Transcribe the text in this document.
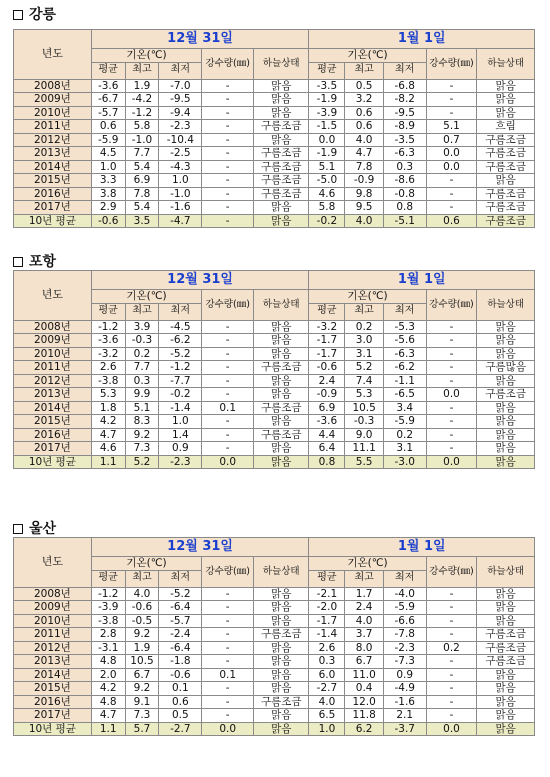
강릉
년도	12월 31일					1월 1일				
	기온(℃)			강수량(㎜)	하늘상태	기온(℃)			강수량(㎜)	하늘상태
	평균	최고	최저			평균	최고	최저		
2008년	-3.6	1.9	-7.0	-	맑음	-3.5	0.5	-6.8	-	맑음
2009년	-6.7	-4.2	-9.5	-	맑음	-1.9	3.2	-8.2	-	맑음
2010년	-5.7	-1.2	-9.4	-	맑음	-3.9	0.6	-9.5	-	맑음
2011년	0.6	5.8	-2.3	-	구름조금	-1.5	0.6	-8.9	5.1	흐림
2012년	-5.9	-1.0	-10.4	-	맑음	0.0	4.0	-3.5	0.7	구름조금
2013년	4.5	7.7	-2.5	-	구름조금	-1.9	4.7	-6.3	0.0	구름조금
2014년	1.0	5.4	-4.3	-	구름조금	5.1	7.8	0.3	0.0	구름조금
2015년	3.3	6.9	1.0	-	구름조금	-5.0	-0.9	-8.6	-	맑음
2016년	3.8	7.8	-1.0	-	구름조금	4.6	9.8	-0.8	-	구름조금
2017년	2.9	5.4	-1.6	-	맑음	5.8	9.5	0.8	-	구름조금
10년 평균	-0.6	3.5	-4.7	-	맑음	-0.2	4.0	-5.1	0.6	구름조금
포항
년도	12월 31일					1월 1일				
	기온(℃)			강수량(㎜)	하늘상태	기온(℃)			강수량(㎜)	하늘상태
	평균	최고	최저			평균	최고	최저		
2008년	-1.2	3.9	-4.5	-	맑음	-3.2	0.2	-5.3	-	맑음
2009년	-3.6	-0.3	-6.2	-	맑음	-1.7	3.0	-5.6	-	맑음
2010년	-3.2	0.2	-5.2	-	맑음	-1.7	3.1	-6.3	-	맑음
2011년	2.6	7.7	-1.2	-	구름조금	-0.6	5.2	-6.2	-	구름많음
2012년	-3.8	0.3	-7.7	-	맑음	2.4	7.4	-1.1	-	맑음
2013년	5.3	9.9	-0.2	-	맑음	-0.9	5.3	-6.5	0.0	구름조금
2014년	1.8	5.1	-1.4	0.1	구름조금	6.9	10.5	3.4	-	맑음
2015년	4.2	8.3	1.0	-	맑음	-3.6	-0.3	-5.9	-	맑음
2016년	4.7	9.2	1.4	-	구름조금	4.4	9.0	0.2	-	맑음
2017년	4.6	7.3	0.9	-	맑음	6.4	11.1	3.1	-	맑음
10년 평균	1.1	5.2	-2.3	0.0	맑음	0.8	5.5	-3.0	0.0	맑음
울산
년도	12월 31일					1월 1일				
	기온(℃)			강수량(㎜)	하늘상태	기온(℃)			강수량(㎜)	하늘상태
	평균	최고	최저			평균	최고	최저		
2008년	-1.2	4.0	-5.2	-	맑음	-2.1	1.7	-4.0	-	맑음
2009년	-3.9	-0.6	-6.4	-	맑음	-2.0	2.4	-5.9	-	맑음
2010년	-3.8	-0.5	-5.7	-	맑음	-1.7	4.0	-6.6	-	맑음
2011년	2.8	9.2	-2.4	-	구름조금	-1.4	3.7	-7.8	-	구름조금
2012년	-3.1	1.9	-6.4	-	맑음	2.6	8.0	-2.3	0.2	구름조금
2013년	4.8	10.5	-1.8	-	맑음	0.3	6.7	-7.3	-	구름조금
2014년	2.0	6.7	-0.6	0.1	맑음	6.0	11.0	0.9	-	맑음
2015년	4.2	9.2	0.1	-	맑음	-2.7	0.4	-4.9	-	맑음
2016년	4.8	9.1	0.6	-	구름조금	4.0	12.0	-1.6	-	맑음
2017년	4.7	7.3	0.5	-	맑음	6.5	11.8	2.1	-	맑음
10년 평균	1.1	5.7	-2.7	0.0	맑음	1.0	6.2	-3.7	0.0	맑음
